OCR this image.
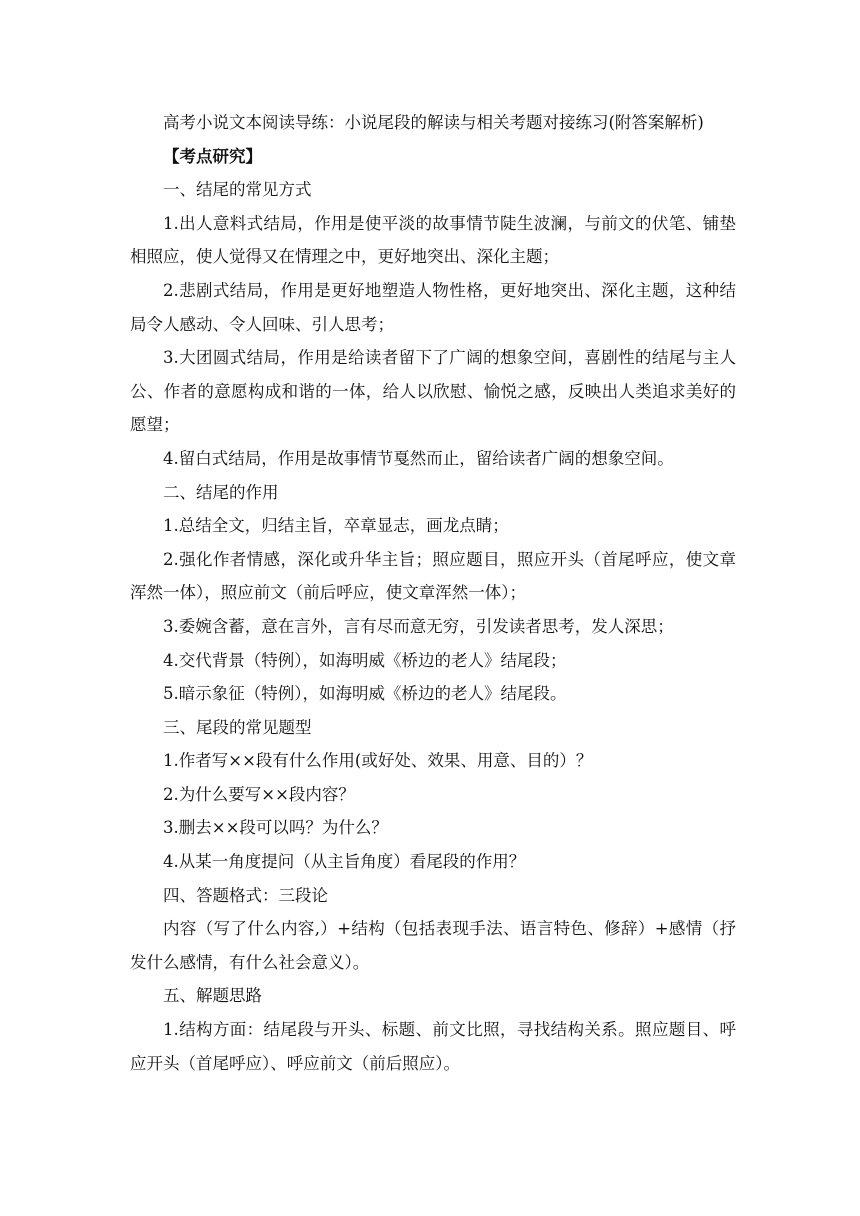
高考小说文本阅读导练：小说尾段的解读与相关考题对接练习(附答案解析)

【考点研究】

一、结尾的常见方式

1.出人意料式结局，作用是使平淡的故事情节陡生波澜，与前文的伏笔、铺垫相照应，使人觉得又在情理之中，更好地突出、深化主题；

2.悲剧式结局，作用是更好地塑造人物性格，更好地突出、深化主题，这种结局令人感动、令人回味、引人思考；

3.大团圆式结局，作用是给读者留下了广阔的想象空间，喜剧性的结尾与主人公、作者的意愿构成和谐的一体，给人以欣慰、愉悦之感，反映出人类追求美好的愿望；

4.留白式结局，作用是故事情节戛然而止，留给读者广阔的想象空间。

二、结尾的作用

1.总结全文，归结主旨，卒章显志，画龙点睛；

2.强化作者情感，深化或升华主旨；照应题目，照应开头（首尾呼应，使文章浑然一体），照应前文（前后呼应，使文章浑然一体）；

3.委婉含蓄，意在言外，言有尽而意无穷，引发读者思考，发人深思；

4.交代背景（特例），如海明威《桥边的老人》结尾段；

5.暗示象征（特例），如海明威《桥边的老人》结尾段。

三、尾段的常见题型

1.作者写××段有什么作用(或好处、效果、用意、目的）？

2.为什么要写××段内容？

3.删去××段可以吗？为什么？

4.从某一角度提问（从主旨角度）看尾段的作用？

四、答题格式：三段论

内容（写了什么内容,）+结构（包括表现手法、语言特色、修辞）+感情（抒发什么感情，有什么社会意义）。

五、解题思路

1.结构方面：结尾段与开头、标题、前文比照，寻找结构关系。照应题目、呼应开头（首尾呼应）、呼应前文（前后照应）。
